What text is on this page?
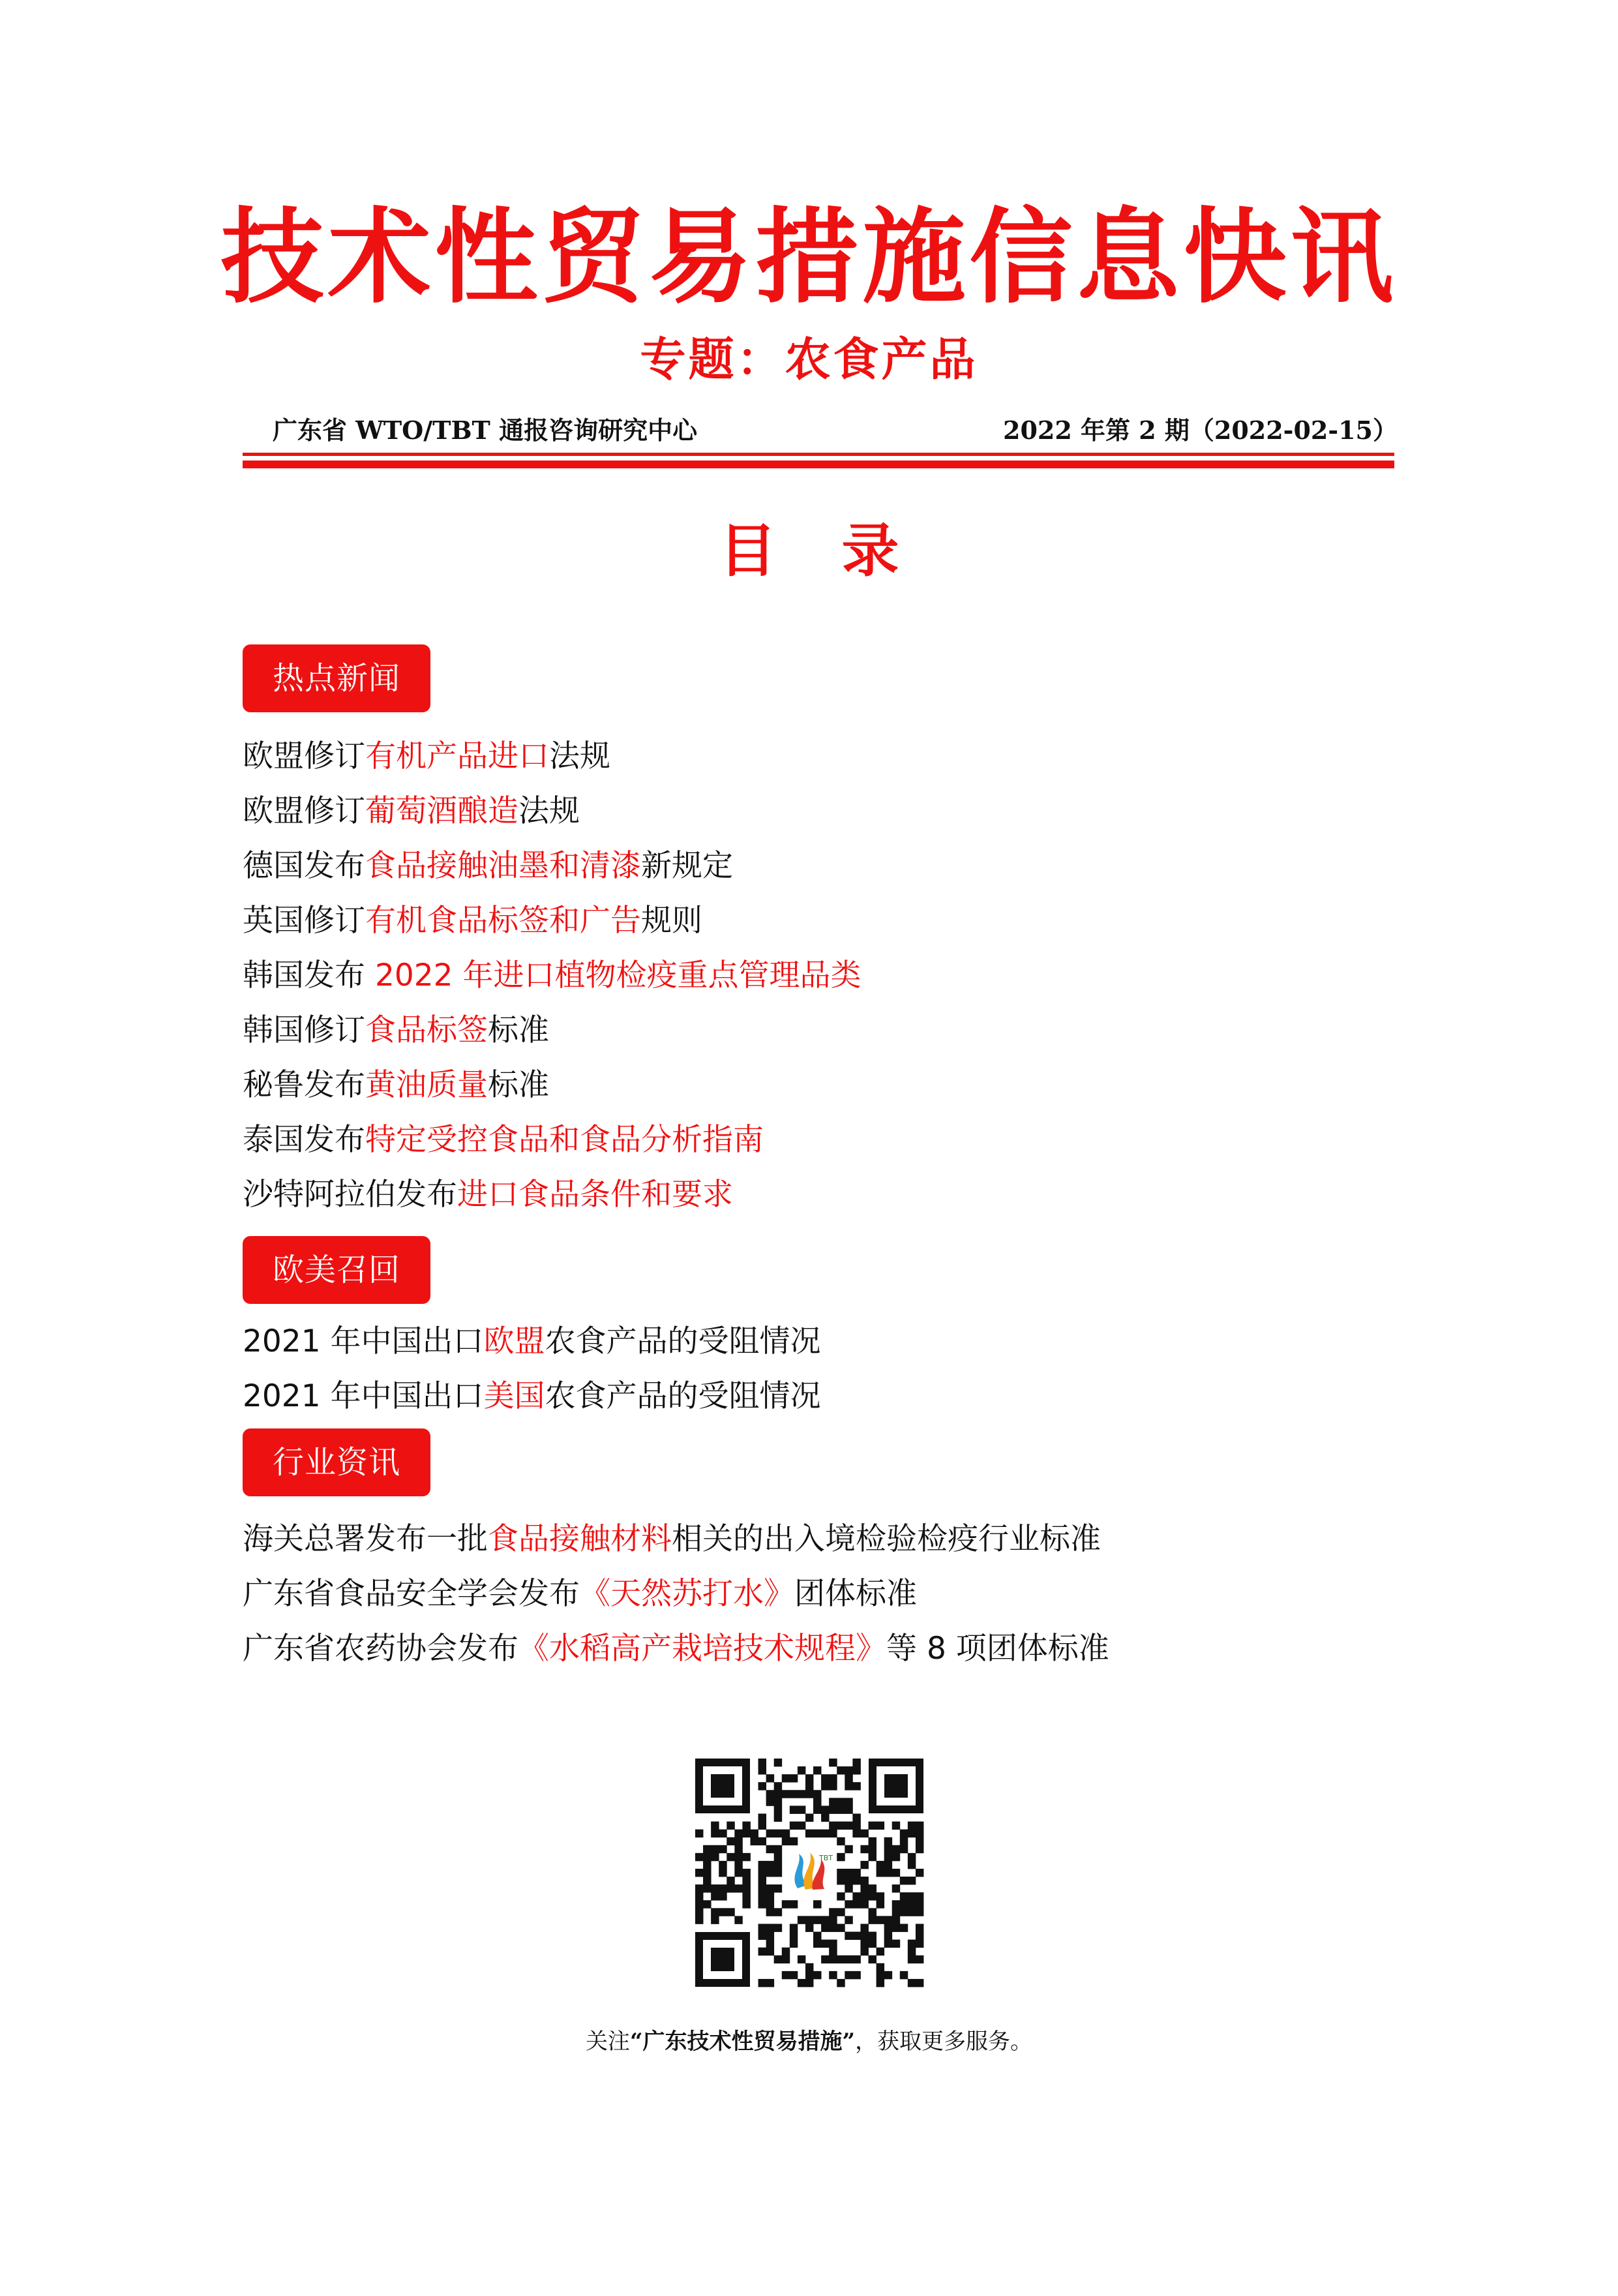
技术性贸易措施信息快讯
专题：农食产品
广东省 WTO/TBT 通报咨询研究中心	2022 年第 2 期（2022-02-15）
目录
热点新闻
欧盟修订有机产品进口法规
欧盟修订葡萄酒酿造法规
德国发布食品接触油墨和清漆新规定
英国修订有机食品标签和广告规则
韩国发布 2022 年进口植物检疫重点管理品类
韩国修订食品标签标准
秘鲁发布黄油质量标准
泰国发布特定受控食品和食品分析指南
沙特阿拉伯发布进口食品条件和要求
欧美召回
2021 年中国出口欧盟农食产品的受阻情况
2021 年中国出口美国农食产品的受阻情况
行业资讯
海关总署发布一批食品接触材料相关的出入境检验检疫行业标准
广东省食品安全学会发布《天然苏打水》团体标准
广东省农药协会发布《水稻高产栽培技术规程》等 8 项团体标准
TBT
关注“广东技术性贸易措施”，获取更多服务。
